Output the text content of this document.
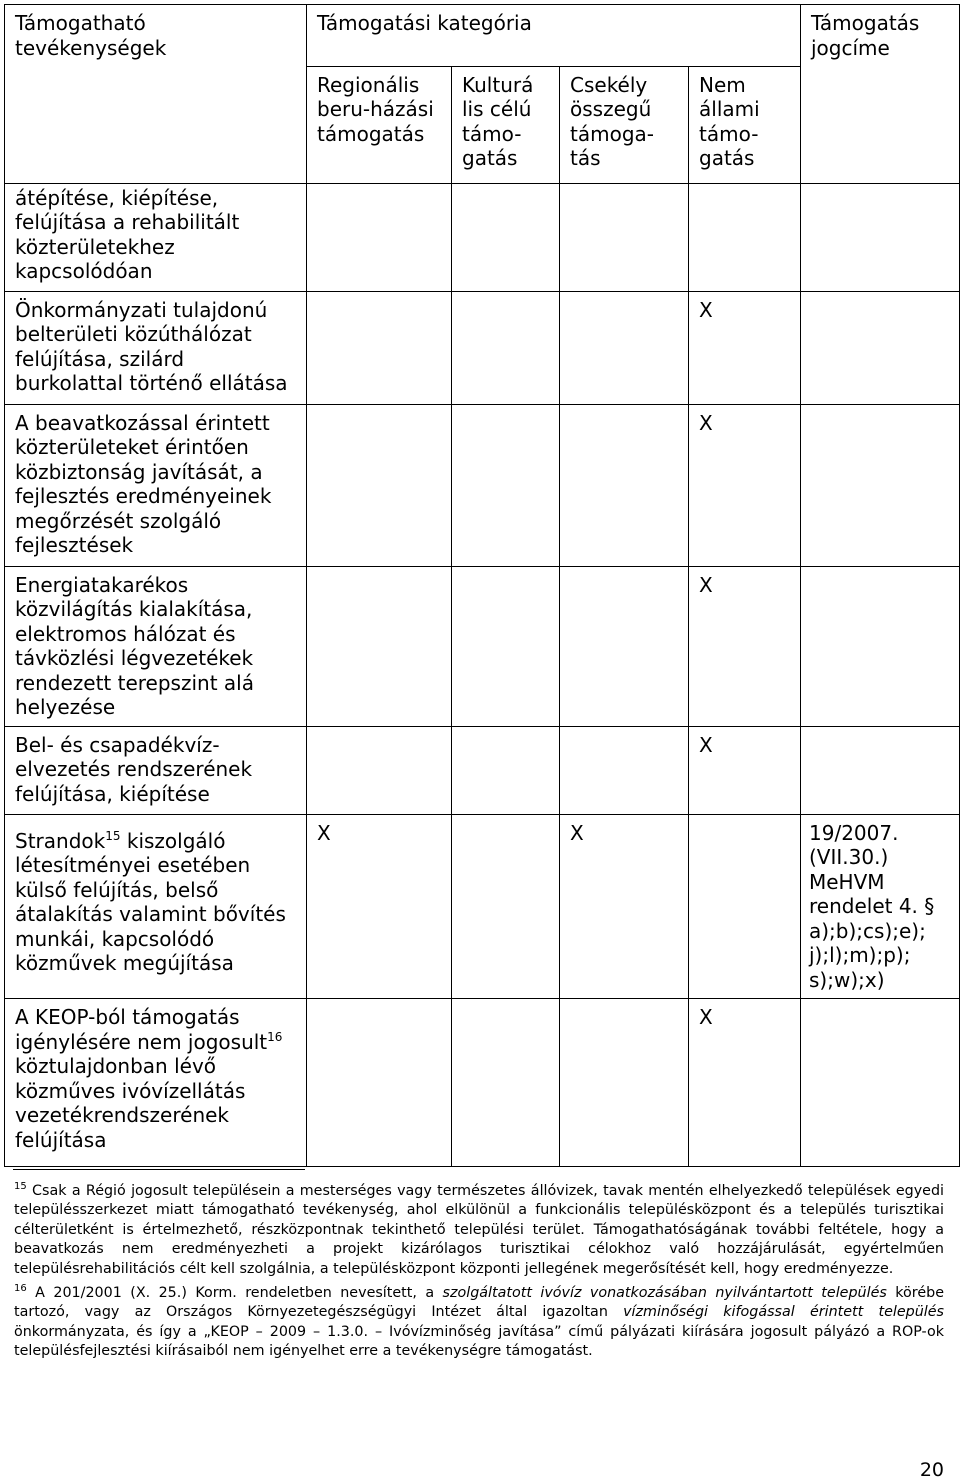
Támogatható tevékenységek	Támogatási kategória				Támogatás jogcíme
	Regionális beru-házási támogatás	Kulturá lis célú támo-gatás	Csekély összegű támoga-tás	Nem állami támo-gatás	
átépítése, kiépítése, felújítása a rehabilitált közterületekhez kapcsolódóan					
Önkormányzati tulajdonú belterületi közúthálózat felújítása, szilárd burkolattal történő ellátása				X	
A beavatkozással érintett közterületeket érintően közbiztonság javítását, a fejlesztés eredményeinek megőrzését szolgáló fejlesztések				X	
Energiatakarékos közvilágítás kialakítása, elektromos hálózat és távközlési légvezetékek rendezett terepszint alá helyezése				X	
Bel- és csapadékvíz-elvezetés rendszerének felújítása, kiépítése				X	
Strandok$^{15}$ kiszolgáló létesítményei esetében külső felújítás, belső átalakítás valamint bővítés munkái, kapcsolódó közművek megújítása	X		X		19/2007. (VII.30.) MeHVM rendelet 4. § a);b);cs);e); j);l);m);p); s);w);x)
A KEOP-ból támogatás igénylésére nem jogosult$^{16}$ köztulajdonban lévő közműves ivóvízellátás vezetékrendszerének felújítása				X	

$^{15}$ Csak a Régió jogosult településein a mesterséges vagy természetes állóvizek, tavak mentén elhelyezkedő települések egyedi településszerkezet miatt támogatható tevékenység, ahol elkülönül a funkcionális településközpont és a település turisztikai célterületként is értelmezhető, részközpontnak tekinthető települési terület. Támogathatóságának további feltétele, hogy a beavatkozás nem eredményezheti a projekt kizárólagos turisztikai célokhoz való hozzájárulását, egyértelműen településrehabilitációs célt kell szolgálnia, a településközpont központi jellegének megerősítését kell, hogy eredményezze.

$^{16}$ A 201/2001 (X. 25.) Korm. rendeletben nevesített, a szolgáltatott ivóvíz vonatkozásában nyilvántartott település körébe tartozó, vagy az Országos Környezetegészségügyi Intézet által igazoltan vízminőségi kifogással érintett település önkormányzata, és így a „KEOP – 2009 – 1.3.0. – Ivóvízminőség javítása” című pályázati kiírására jogosult pályázó a ROP-ok településfejlesztési kiírásaiból nem igényelhet erre a tevékenységre támogatást.

20
